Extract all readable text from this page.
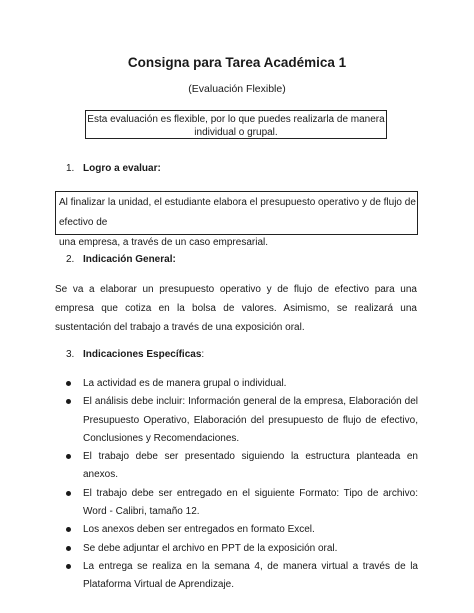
Consigna para Tarea Académica 1
(Evaluación Flexible)
Esta evaluación es flexible, por lo que puedes realizarla de manera
individual o grupal.
1. Logro a evaluar:
Al finalizar la unidad, el estudiante elabora el presupuesto operativo y de flujo de efectivo de
una empresa, a través de un caso empresarial.
2. Indicación General:
Se va a elaborar un presupuesto operativo y de flujo de efectivo para una empresa que cotiza en la bolsa de valores. Asimismo, se realizará una sustentación del trabajo a través de una exposición oral.
3. Indicaciones Específicas:
La actividad es de manera grupal o individual.
El análisis debe incluir: Información general de la empresa, Elaboración del Presupuesto Operativo, Elaboración del presupuesto de flujo de efectivo, Conclusiones y Recomendaciones.
El trabajo debe ser presentado siguiendo la estructura planteada en anexos.
El trabajo debe ser entregado en el siguiente Formato: Tipo de archivo: Word - Calibri, tamaño 12.
Los anexos deben ser entregados en formato Excel.
Se debe adjuntar el archivo en PPT de la exposición oral.
La entrega se realiza en la semana 4, de manera virtual a través de la Plataforma Virtual de Aprendizaje.
